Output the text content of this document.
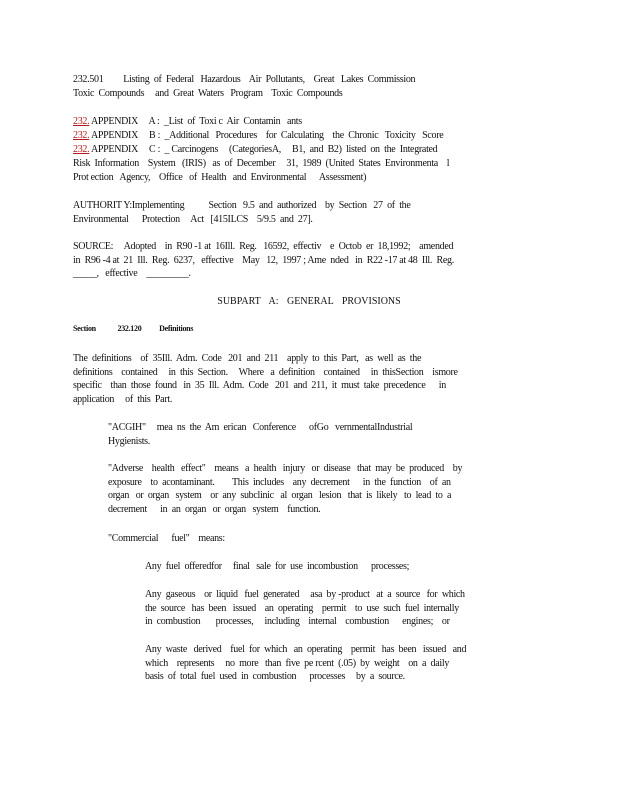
232.501         Listing  of  Federal   Hazardous    Air  Pollutants,    Great   Lakes  Commission
Toxic  Compounds     and  Great  Waters   Program    Toxic  Compounds
232. APPENDIX     A :  _List  of  Toxi c  Air  Contamin   ants
232. APPENDIX     B :  _Additional   Procedures    for  Calculating    the  Chronic   Toxicity   Score
232. APPENDIX     C :  _ Carcinogens     (CategoriesA,     B1,  and  B2)  listed  on  the  Integrated
Risk  Information    System   (IRIS)   as  of  December     31,  1989  (United  States  Environmenta    l
Prot ection   Agency,    Office   of  Health   and  Environmental      Assessment)
AUTHORIT Y:Implementing           Section   9.5  and  authorized    by  Section   27  of  the
Environmental      Protection     Act   [415ILCS    5/9.5  and  27].
SOURCE:     Adopted    in  R90 -1 at  16Ill.  Reg.   16592,  effectiv    e  Octob  er  18,1992;    amended
in  R96 -4 at  21  Ill.  Reg.  6237,   effective    May   12,  1997 ; Ame  nded   in  R22 -17 at 48  Ill.  Reg.
_____,   effective    _________.
SUBPART A: GENERAL PROVISIONS
Section	232.120 Definitions
The  definitions    of  35Ill.  Adm.  Code   201  and  211    apply  to  this  Part,   as  well  as  the
definitions    contained     in  this  Section.     Where   a  definition    contained     in  thisSection    ismore
specific    than  those  found   in  35  Ill.  Adm.  Code   201  and  211,  it  must  take  precedence      in
application     of  this  Part.
"ACGIH"     mea  ns  the  Am  erican   Conference      ofGo   vernmentalIndustrial
Hygienists.
"Adverse    health   effect"    means   a  health   injury   or  disease   that  may  be  produced    by
exposure    to  acontaminant.        This  includes    any  decrement      in  the  function    of  an
organ   or  organ   system    or  any  subclinic   al  organ   lesion   that  is  likely   to  lead  to  a
decrement      in  an  organ   or  organ   system    function.
"Commercial      fuel"    means:
Any  fuel  offeredfor     final   sale  for  use  incombustion      processes;
Any  gaseous    or  liquid   fuel  generated     asa  by -product   at  a  source   for  which
the  source   has  been   issued    an  operating    permit    to  use  such  fuel  internally
in  combustion       processes,     including    internal    combustion      engines;    or
Any  waste   derived    fuel  for  which   an  operating    permit   has  been   issued   and
which    represents     no  more   than  five  pe rcent  (.05)  by  weight    on  a  daily
basis  of  total  fuel  used  in  combustion      processes     by  a  source.
